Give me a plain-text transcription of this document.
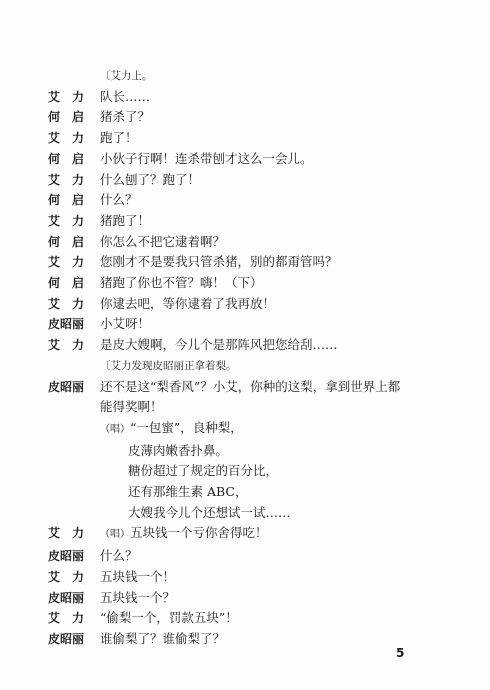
〔艾力上。
艾　力	队长……
何　启	猪杀了？
艾　力	跑了！
何　启	小伙子行啊！连杀带刨才这么一会儿。
艾　力	什么刨了？跑了！
何　启	什么？
艾　力	猪跑了！
何　启	你怎么不把它逮着啊？
艾　力	您刚才不是要我只管杀猪，别的都甭管吗？
何　启	猪跑了你也不管？嗨！（下）
艾　力	你逮去吧，等你逮着了我再放！
皮昭丽	小艾呀！
艾　力	是皮大嫂啊，今儿个是那阵风把您给刮……
〔艾力发现皮昭丽正拿着梨。
皮昭丽	还不是这“梨香风”？小艾，你种的这梨，拿到世界上都
能得奖啊！
（唱）“一包蜜”，良种梨，
皮薄肉嫩香扑鼻。
糖份超过了规定的百分比，
还有那维生素 ABC，
大嫂我今儿个还想试一试……
艾　力	（唱）五块钱一个亏你舍得吃！
皮昭丽	什么？
艾　力	五块钱一个！
皮昭丽	五块钱一个？
艾　力	“偷梨一个，罚款五块”！
皮昭丽	谁偷梨了？谁偷梨了？
5
